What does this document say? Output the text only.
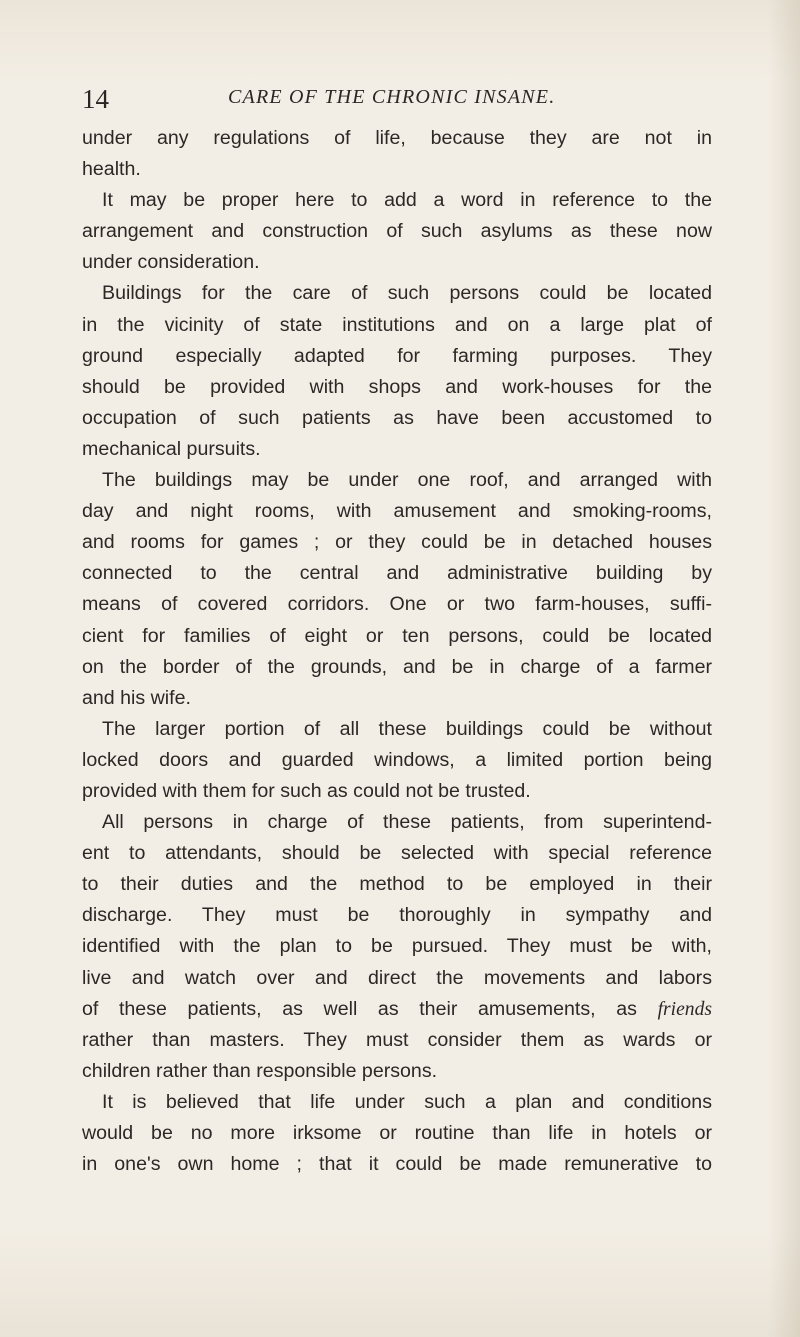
14	CARE OF THE CHRONIC INSANE.
under any regulations of life, because they are not in
health.
It may be proper here to add a word in reference to the
arrangement and construction of such asylums as these now
under consideration.
Buildings for the care of such persons could be located
in the vicinity of state institutions and on a large plat of
ground especially adapted for farming purposes. They
should be provided with shops and work-houses for the
occupation of such patients as have been accustomed to
mechanical pursuits.
The buildings may be under one roof, and arranged with
day and night rooms, with amusement and smoking-rooms,
and rooms for games ; or they could be in detached houses
connected to the central and administrative building by
means of covered corridors. One or two farm-houses, suffi-
cient for families of eight or ten persons, could be located
on the border of the grounds, and be in charge of a farmer
and his wife.
The larger portion of all these buildings could be without
locked doors and guarded windows, a limited portion being
provided with them for such as could not be trusted.
All persons in charge of these patients, from superintend-
ent to attendants, should be selected with special reference
to their duties and the method to be employed in their
discharge. They must be thoroughly in sympathy and
identified with the plan to be pursued. They must be with,
live and watch over and direct the movements and labors
of these patients, as well as their amusements, as friends
rather than masters. They must consider them as wards or
children rather than responsible persons.
It is believed that life under such a plan and conditions
would be no more irksome or routine than life in hotels or
in one's own home ; that it could be made remunerative to
